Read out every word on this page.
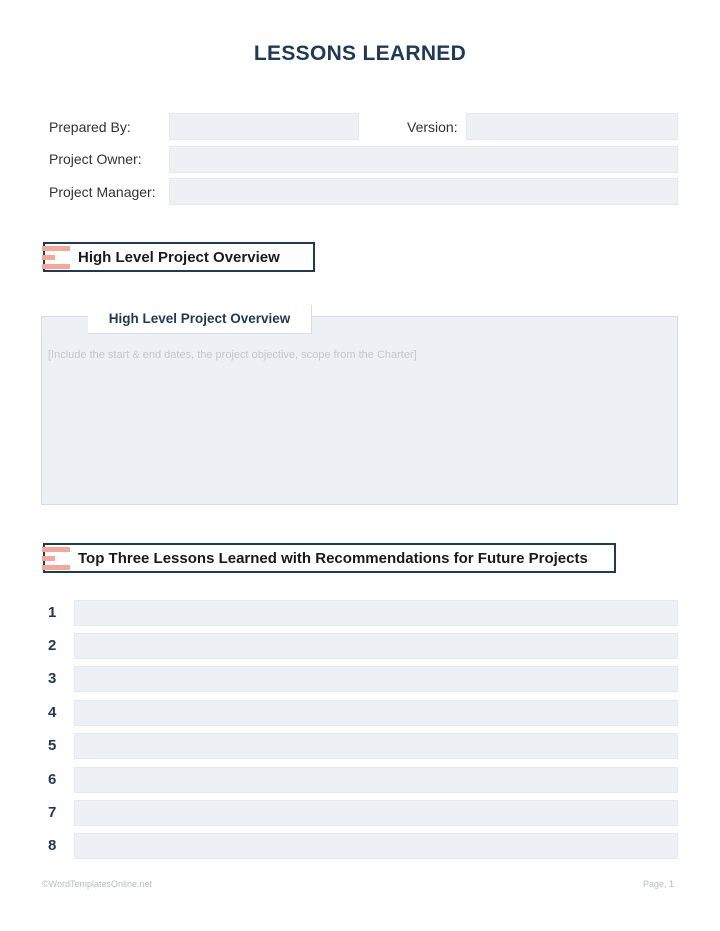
LESSONS LEARNED
Prepared By:	Version:
Project Owner:
Project Manager:
High Level Project Overview
High Level Project Overview
[Include the start & end dates, the project objective, scope from the Charter]
Top Three Lessons Learned with Recommendations for Future Projects
1
2
3
4
5
6
7
8
©WordTemplatesOnline.net	Page, 1
